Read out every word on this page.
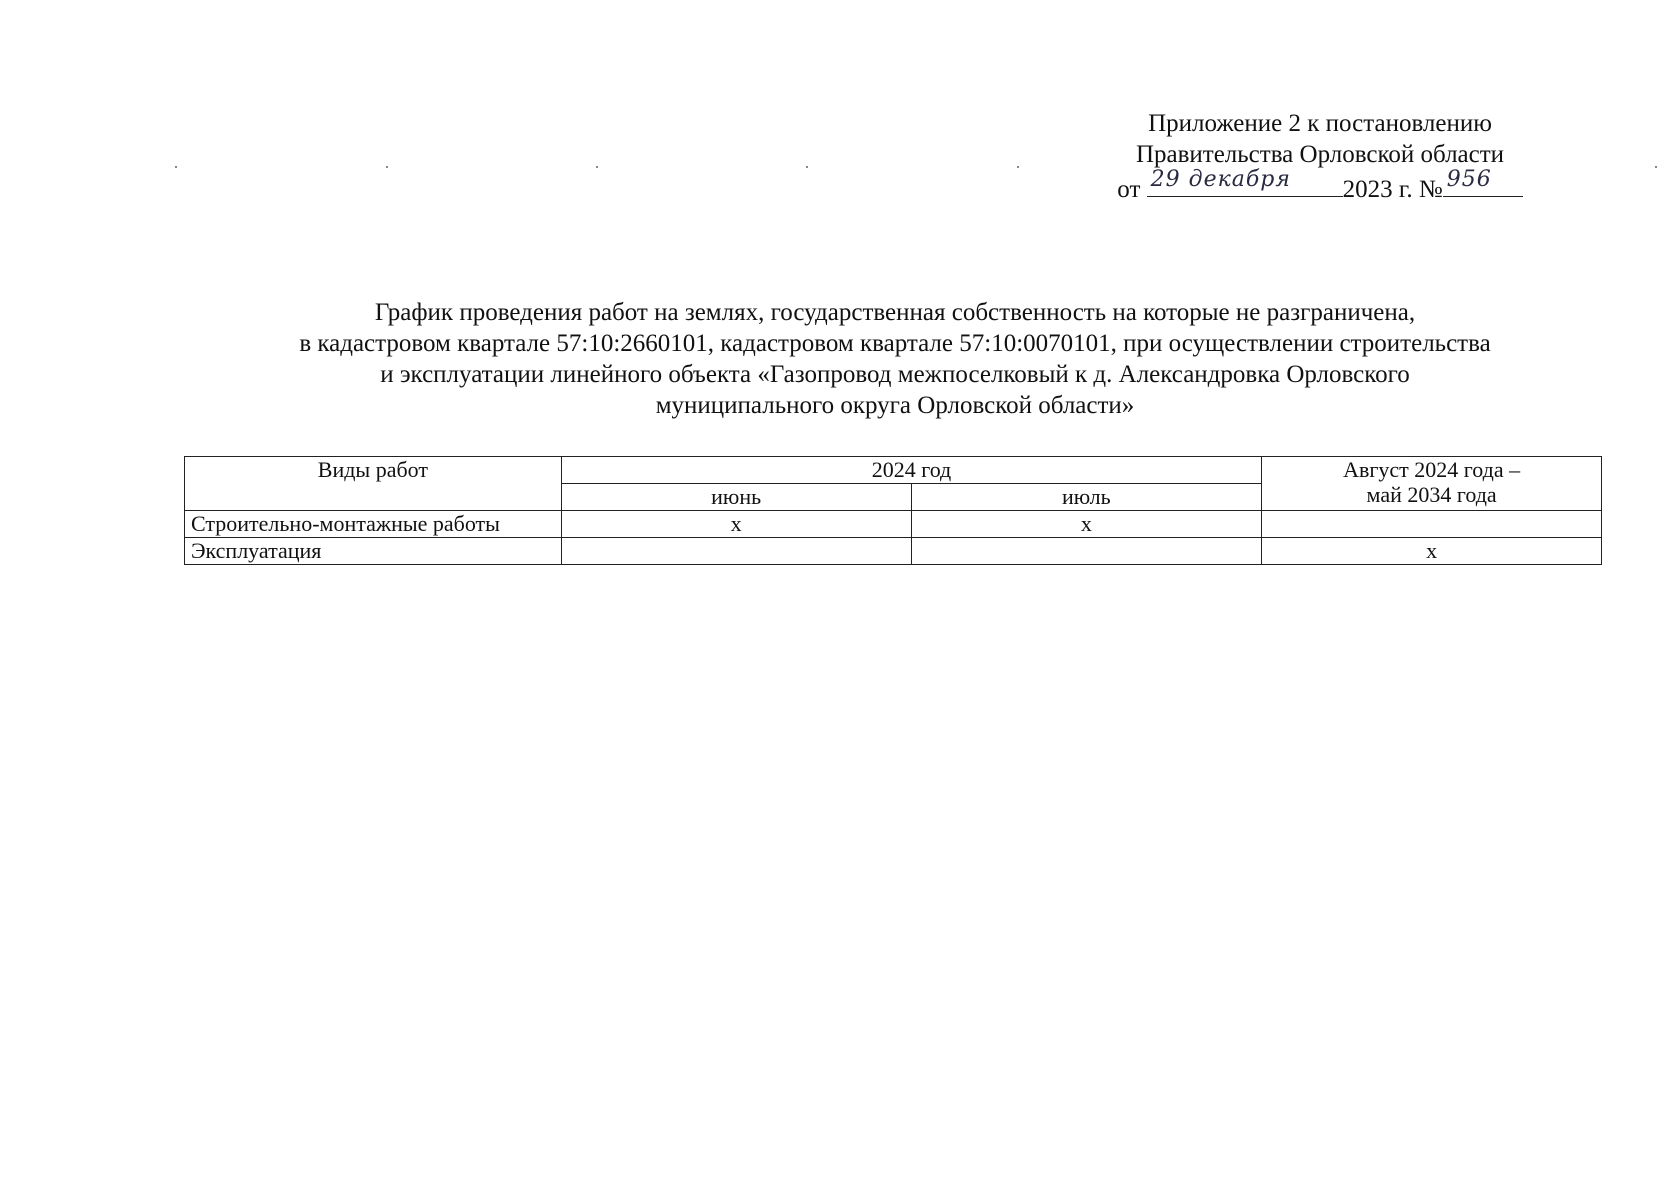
Приложение 2 к постановлению
Правительства Орловской области
от 29 декабря 2023 г. № 956
График проведения работ на землях, государственная собственность на которые не разграничена,
в кадастровом квартале 57:10:2660101, кадастровом квартале 57:10:0070101, при осуществлении строительства
и эксплуатации линейного объекта «Газопровод межпоселковый к д. Александровка Орловского
муниципального округа Орловской области»
Виды работ	2024 год		Август 2024 года –
май 2034 года

	июнь	июль	
Строительно-монтажные работы	х	х	
Эксплуатация			х
